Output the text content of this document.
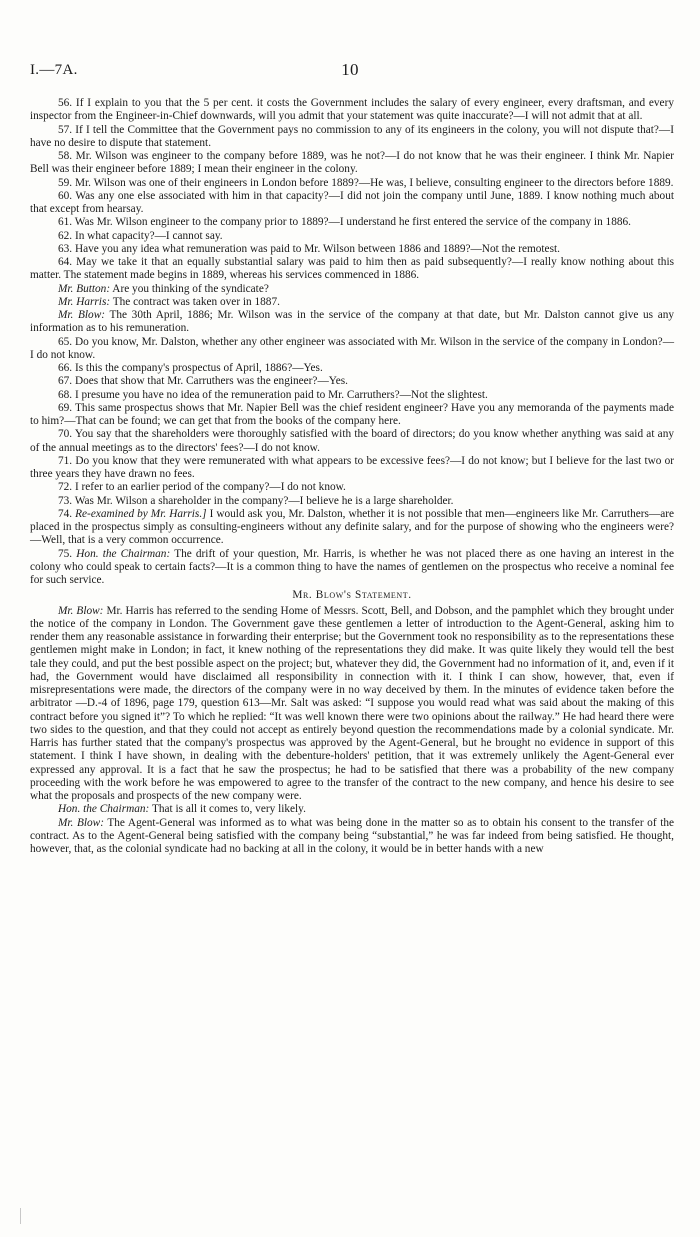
I.—7A.	10

56. If I explain to you that the 5 per cent. it costs the Government includes the salary of every engineer, every draftsman, and every inspector from the Engineer-in-Chief downwards, will you admit that your statement was quite inaccurate?—I will not admit that at all.

57. If I tell the Committee that the Government pays no commission to any of its engineers in the colony, you will not dispute that?—I have no desire to dispute that statement.

58. Mr. Wilson was engineer to the company before 1889, was he not?—I do not know that he was their engineer. I think Mr. Napier Bell was their engineer before 1889; I mean their engineer in the colony.

59. Mr. Wilson was one of their engineers in London before 1889?—He was, I believe, consulting engineer to the directors before 1889.

60. Was any one else associated with him in that capacity?—I did not join the company until June, 1889. I know nothing much about that except from hearsay.

61. Was Mr. Wilson engineer to the company prior to 1889?—I understand he first entered the service of the company in 1886.

62. In what capacity?—I cannot say.

63. Have you any idea what remuneration was paid to Mr. Wilson between 1886 and 1889?—Not the remotest.

64. May we take it that an equally substantial salary was paid to him then as paid subsequently?—I really know nothing about this matter. The statement made begins in 1889, whereas his services commenced in 1886.

Mr. Button: Are you thinking of the syndicate?

Mr. Harris: The contract was taken over in 1887.

Mr. Blow: The 30th April, 1886; Mr. Wilson was in the service of the company at that date, but Mr. Dalston cannot give us any information as to his remuneration.

65. Do you know, Mr. Dalston, whether any other engineer was associated with Mr. Wilson in the service of the company in London?—I do not know.

66. Is this the company's prospectus of April, 1886?—Yes.

67. Does that show that Mr. Carruthers was the engineer?—Yes.

68. I presume you have no idea of the remuneration paid to Mr. Carruthers?—Not the slightest.

69. This same prospectus shows that Mr. Napier Bell was the chief resident engineer? Have you any memoranda of the payments made to him?—That can be found; we can get that from the books of the company here.

70. You say that the shareholders were thoroughly satisfied with the board of directors; do you know whether anything was said at any of the annual meetings as to the directors' fees?—I do not know.

71. Do you know that they were remunerated with what appears to be excessive fees?—I do not know; but I believe for the last two or three years they have drawn no fees.

72. I refer to an earlier period of the company?—I do not know.

73. Was Mr. Wilson a shareholder in the company?—I believe he is a large shareholder.

74. Re-examined by Mr. Harris.] I would ask you, Mr. Dalston, whether it is not possible that men—engineers like Mr. Carruthers—are placed in the prospectus simply as consulting-engineers without any definite salary, and for the purpose of showing who the engineers were?—Well, that is a very common occurrence.

75. Hon. the Chairman: The drift of your question, Mr. Harris, is whether he was not placed there as one having an interest in the colony who could speak to certain facts?—It is a common thing to have the names of gentlemen on the prospectus who receive a nominal fee for such service.

Mr. Blow's Statement.

Mr. Blow: Mr. Harris has referred to the sending Home of Messrs. Scott, Bell, and Dobson, and the pamphlet which they brought under the notice of the company in London. The Government gave these gentlemen a letter of introduction to the Agent-General, asking him to render them any reasonable assistance in forwarding their enterprise; but the Government took no responsibility as to the representations these gentlemen might make in London; in fact, it knew nothing of the representations they did make. It was quite likely they would tell the best tale they could, and put the best possible aspect on the project; but, whatever they did, the Government had no information of it, and, even if it had, the Government would have disclaimed all responsibility in connection with it. I think I can show, however, that, even if misrepresentations were made, the directors of the company were in no way deceived by them. In the minutes of evidence taken before the arbitrator —D.-4 of 1896, page 179, question 613—Mr. Salt was asked: “I suppose you would read what was said about the making of this contract before you signed it”? To which he replied: “It was well known there were two opinions about the railway.” He had heard there were two sides to the question, and that they could not accept as entirely beyond question the recommendations made by a colonial syndicate. Mr. Harris has further stated that the company's prospectus was approved by the Agent-General, but he brought no evidence in support of this statement. I think I have shown, in dealing with the debenture-holders' petition, that it was extremely unlikely the Agent-General ever expressed any approval. It is a fact that he saw the prospectus; he had to be satisfied that there was a probability of the new company proceeding with the work before he was empowered to agree to the transfer of the contract to the new company, and hence his desire to see what the proposals and prospects of the new company were.

Hon. the Chairman: That is all it comes to, very likely.

Mr. Blow: The Agent-General was informed as to what was being done in the matter so as to obtain his consent to the transfer of the contract. As to the Agent-General being satisfied with the company being “substantial,” he was far indeed from being satisfied. He thought, however, that, as the colonial syndicate had no backing at all in the colony, it would be in better hands with a new
